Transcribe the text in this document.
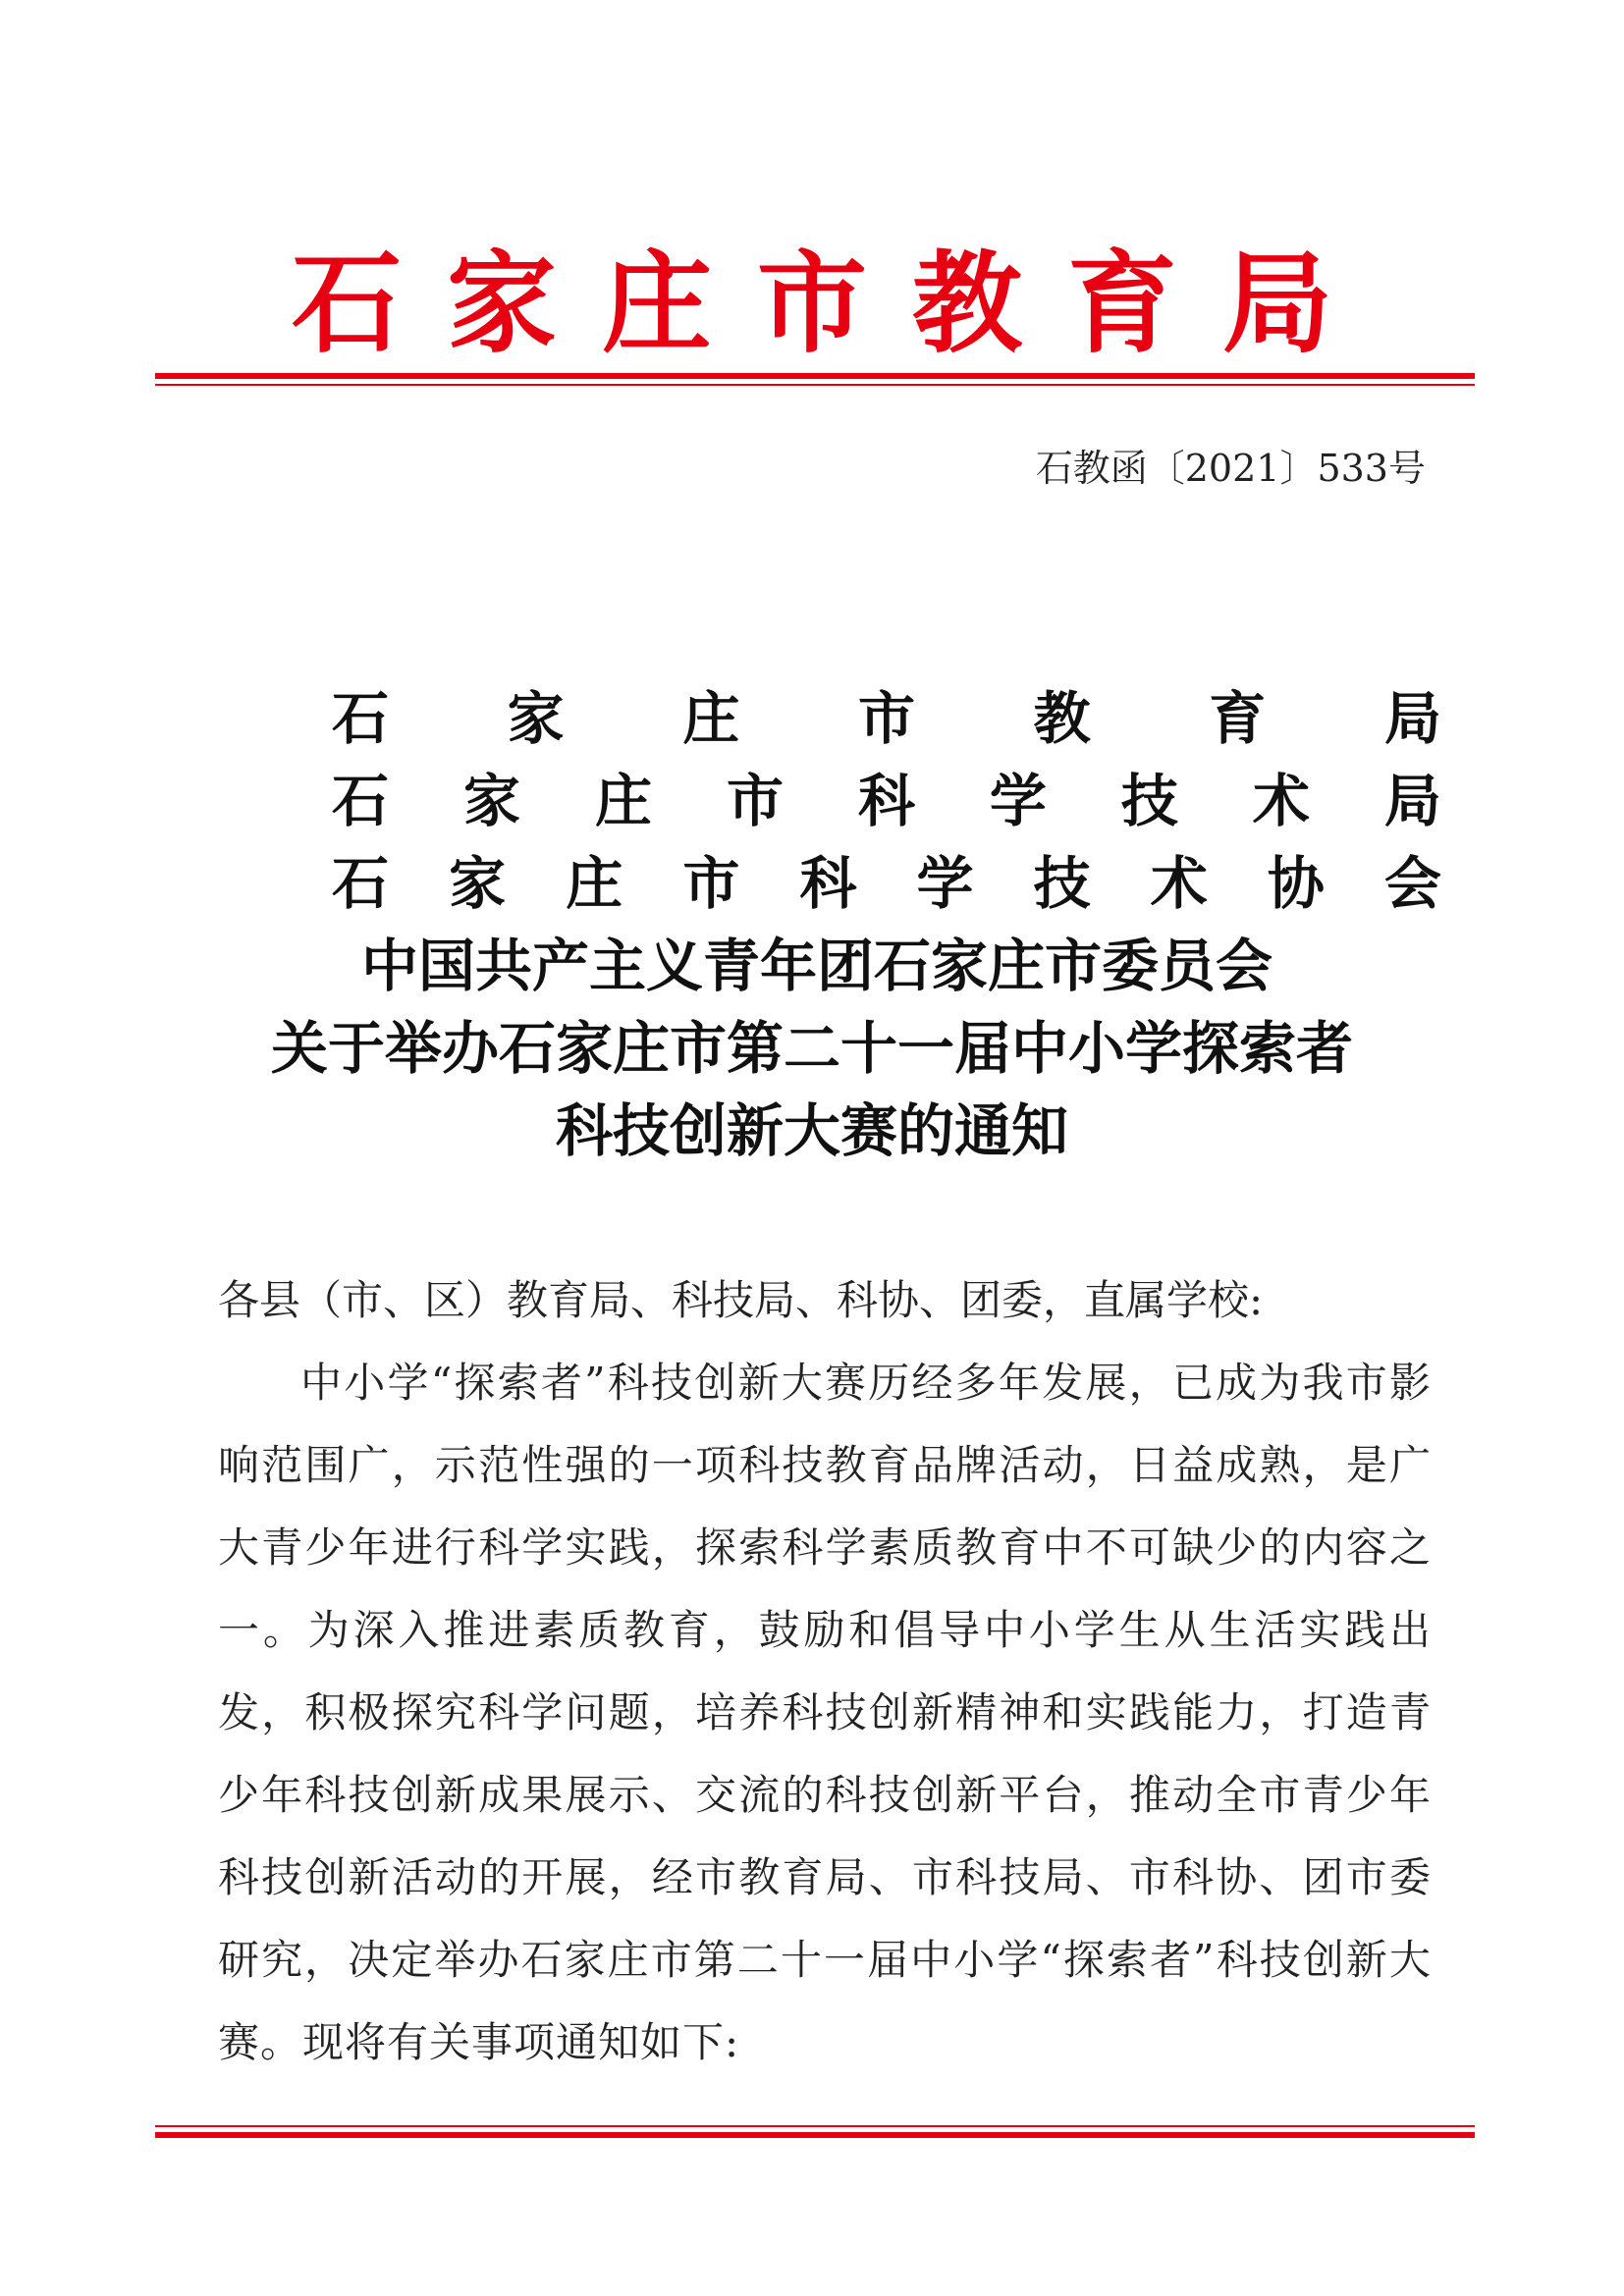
石家庄市教育局
石教函〔2021〕533号
石 家 庄 市 教 育 局
石 家 庄 市 科 学 技 术 局
石 家 庄 市 科 学 技 术 协 会
中国共产主义青年团石家庄市委员会
关于举办石家庄市第二十一届中小学探索者
科技创新大赛的通知
各县（市、区）教育局、科技局、科协、团委，直属学校:
中小学“探索者”科技创新大赛历经多年发展，已成为我市影响范围广，示范性强的一项科技教育品牌活动，日益成熟，是广大青少年进行科学实践，探索科学素质教育中不可缺少的内容之一。为深入推进素质教育，鼓励和倡导中小学生从生活实践出发，积极探究科学问题，培养科技创新精神和实践能力，打造青少年科技创新成果展示、交流的科技创新平台，推动全市青少年科技创新活动的开展，经市教育局、市科技局、市科协、团市委研究，决定举办石家庄市第二十一届中小学“探索者”科技创新大赛。现将有关事项通知如下:
